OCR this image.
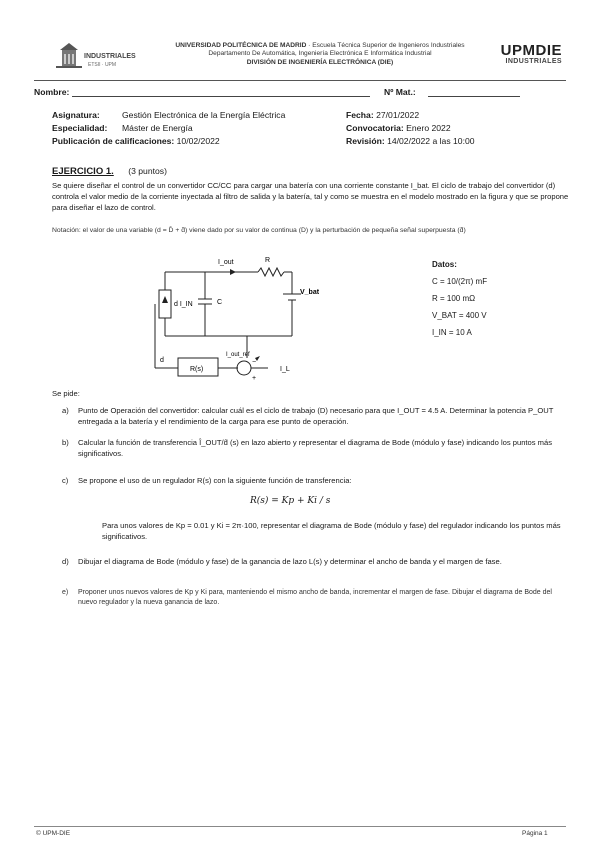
INDUSTRIALES
ETSII · UPM
UNIVERSIDAD POLITÉCNICA DE MADRID · Escuela Técnica Superior de Ingenieros Industriales
Departamento De Automática, Ingeniería Electrónica E Informática Industrial
DIVISIÓN DE INGENIERÍA ELECTRÓNICA (DIE)
UPMDIE
INDUSTRIALES
Nombre:	Nº Mat.:
Asignatura:	Gestión Electrónica de la Energía Eléctrica	Fecha: 27/01/2022
Especialidad: Máster de Energía	Convocatoria: Enero 2022
Publicación de calificaciones: 10/02/2022	Revisión: 14/02/2022 a las 10:00
EJERCICIO 1. (3 puntos)
Se quiere diseñar el control de un convertidor CC/CC para cargar una batería con una corriente constante I_bat. El ciclo de trabajo del convertidor (d) controla el valor medio de la corriente inyectada al filtro de salida y la batería, tal y como se muestra en el modelo mostrado en la figura y que se propone para diseñar el lazo de control.
Notación: el valor de una variable (d = D̄ + d̂) viene dado por su valor de continua (D) y la perturbación de pequeña señal superpuesta (d̂)
I_out	R
d I_IN	C
V_bat
d
R(s)
I_out_ref
−
+
I_L
Datos:
C = 10/(2π) mF
R = 100 mΩ
V_BAT = 400 V
I_IN = 10 A
Se pide:
a) Punto de Operación del convertidor: calcular cuál es el ciclo de trabajo (D) necesario para que I_OUT = 4.5 A. Determinar la potencia P_OUT entregada a la batería y el rendimiento de la carga para ese punto de operación.
b) Calcular la función de transferencia Î_OUT/d̂ (s) en lazo abierto y representar el diagrama de Bode (módulo y fase) indicando los puntos más significativos.
c) Se propone el uso de un regulador R(s) con la siguiente función de transferencia:
R(s) = Kp + Ki / s
Para unos valores de Kp = 0.01 y Ki = 2π·100, representar el diagrama de Bode (módulo y fase) del regulador indicando los puntos más significativos.
d) Dibujar el diagrama de Bode (módulo y fase) de la ganancia de lazo L(s) y determinar el ancho de banda y el margen de fase.
e) Proponer unos nuevos valores de Kp y Ki para, manteniendo el mismo ancho de banda, incrementar el margen de fase. Dibujar el diagrama de Bode del nuevo regulador y la nueva ganancia de lazo.
© UPM-DIE	Página 1
